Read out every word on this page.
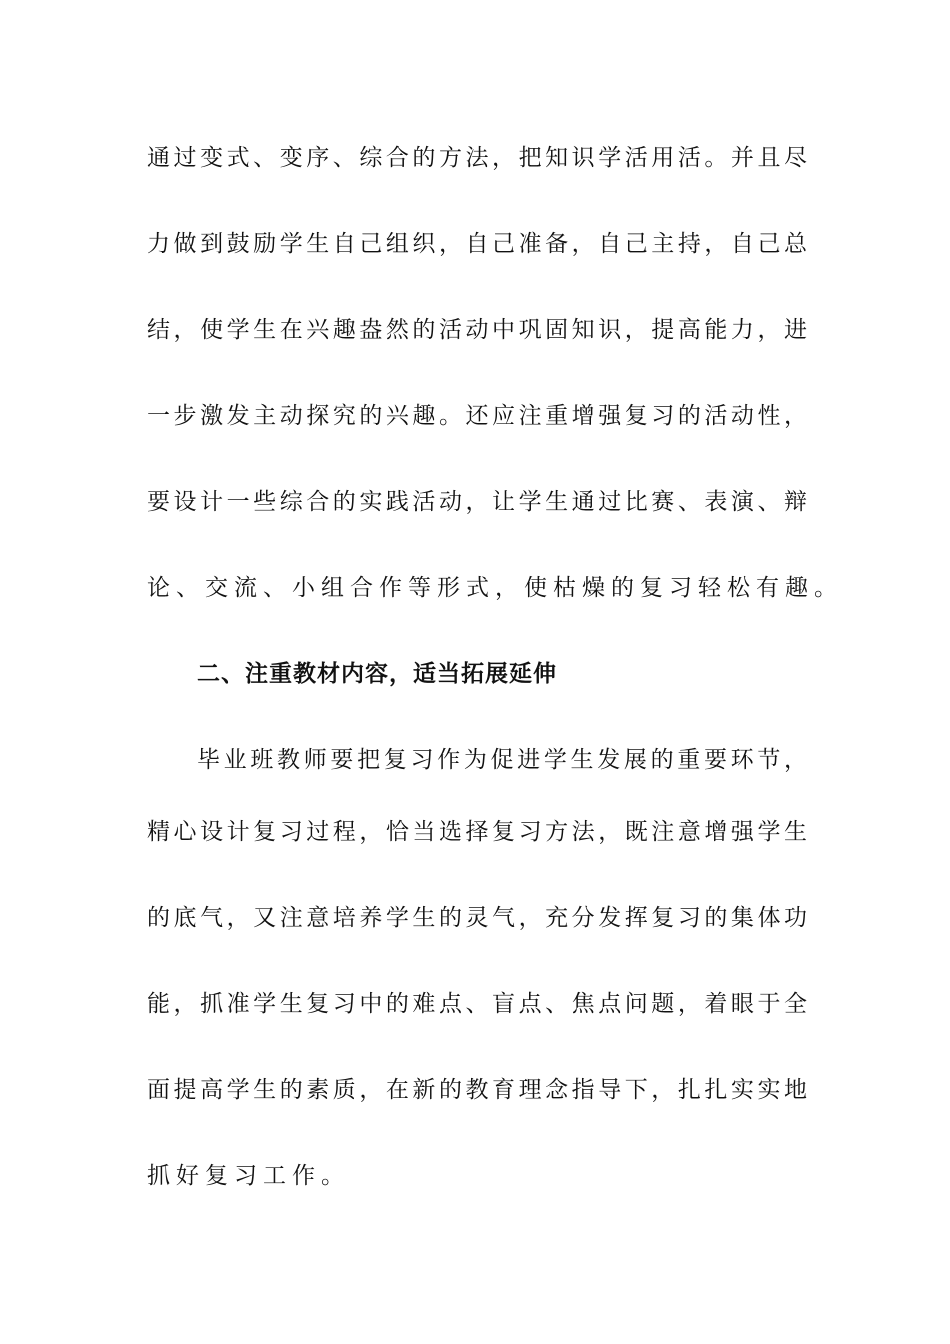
通过变式、变序、综合的方法，把知识学活用活。并且尽
力做到鼓励学生自己组织，自己准备，自己主持，自己总
结，使学生在兴趣盎然的活动中巩固知识，提高能力，进
一步激发主动探究的兴趣。还应注重增强复习的活动性，
要设计一些综合的实践活动，让学生通过比赛、表演、辩
论、交流、小组合作等形式，使枯燥的复习轻松有趣。
二、注重教材内容，适当拓展延伸
毕业班教师要把复习作为促进学生发展的重要环节，
精心设计复习过程，恰当选择复习方法，既注意增强学生
的底气，又注意培养学生的灵气，充分发挥复习的集体功
能，抓准学生复习中的难点、盲点、焦点问题，着眼于全
面提高学生的素质，在新的教育理念指导下，扎扎实实地
抓好复习工作。
